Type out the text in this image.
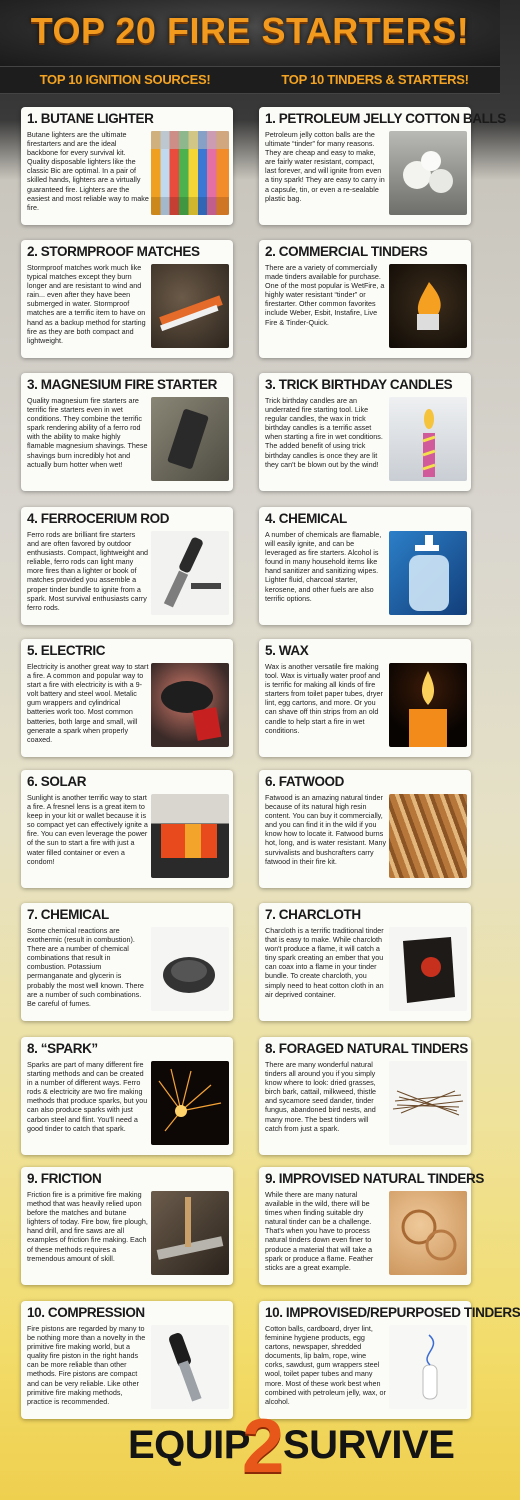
TOP 20 FIRE STARTERS!
TOP 10 IGNITION SOURCES!	TOP 10 TINDERS & STARTERS!
1. BUTANE LIGHTER
Butane lighters are the ultimate firestarters and are the ideal backbone for every survival kit. Quality disposable lighters like the classic Bic are optimal. In a pair of skilled hands, lighters are a virtually guaranteed fire. Lighters are the easiest and most reliable way to make fire.
2. STORMPROOF MATCHES
Stormproof matches work much like typical matches except they burn longer and are resistant to wind and rain... even after they have been submerged in water. Stormproof matches are a terrific item to have on hand as a backup method for starting fire as they are both compact and lightweight.
3. MAGNESIUM FIRE STARTER
Quality magnesium fire starters are terrific fire starters even in wet conditions. They combine the terrific spark rendering ability of a ferro rod with the ability to make highly flamable magnesium shavings. These shavings burn incredibly hot and actually burn hotter when wet!
4. FERROCERIUM ROD
Ferro rods are brilliant fire starters and are often favored by outdoor enthusiasts. Compact, lightweight and reliable, ferro rods can light many more fires than a lighter or book of matches provided you assemble a proper tinder bundle to ignite from a spark. Most survival enthusiasts carry ferro rods.
5. ELECTRIC
Electricity is another great way to start a fire. A common and popular way to start a fire with electricity is with a 9-volt battery and steel wool. Metalic gum wrappers and cylindrical batteries work too. Most common batteries, both large and small, will generate a spark when properly coaxed.
6. SOLAR
Sunlight is another terrific way to start a fire. A fresnel lens is a great item to keep in your kit or wallet because it is so compact yet can effectively ignite a fire. You can even leverage the power of the sun to start a fire with just a water filled container or even a condom!
7. CHEMICAL
Some chemical reactions are exothermic (result in combustion). There are a number of chemical combinations that result in combustion. Potassium permanganate and glycerin is probably the most well known. There are a number of such combinations. Be careful of fumes.
8. “SPARK”
Sparks are part of many different fire starting methods and can be created in a number of different ways. Ferro rods & electricity are two fire making methods that produce sparks, but you can also produce sparks with just carbon steel and flint. You'll need a good tinder to catch that spark.
9. FRICTION
Friction fire is a primitive fire making method that was heavily relied upon before the matches and butane lighters of today. Fire bow, fire plough, hand drill, and fire saws are all examples of friction fire making. Each of these methods requires a tremendous amount of skill.
10. COMPRESSION
Fire pistons are regarded by many to be nothing more than a novelty in the primitive fire making world, but a quality fire piston in the right hands can be more reliable than other methods. Fire pistons are compact and can be very reliable. Like other primitive fire making methods, practice is recommended.
1. PETROLEUM JELLY COTTON BALLS
Petroleum jelly cotton balls are the ultimate “tinder” for many reasons. They are cheap and easy to make, are fairly water resistant, compact, last forever, and will ignite from even a tiny spark! They are easy to carry in a capsule, tin, or even a re-sealable plastic bag.
2. COMMERCIAL TINDERS
There are a variety of commercially made tinders available for purchase. One of the most popular is WetFire, a highly water resistant “tinder” or firestarter. Other common favorites include Weber, Esbit, Instafire, Live Fire & Tinder-Quick.
3. TRICK BIRTHDAY CANDLES
Trick birthday candles are an underrated fire starting tool. Like regular candles, the wax in trick birthday candles is a terrific asset when starting a fire in wet conditions. The added benefit of using trick birthday candles is once they are lit they can't be blown out by the wind!
4. CHEMICAL
A number of chemicals are flamable, will easily ignite, and can be leveraged as fire starters. Alcohol is found in many household items like hand sanitizer and sanitizing wipes. Lighter fluid, charcoal starter, kerosene, and other fuels are also terrific options.
5. WAX
Wax is another versatile fire making tool. Wax is virtually water proof and is terrific for making all kinds of fire starters from toilet paper tubes, dryer lint, egg cartons, and more. Or you can shave off thin strips from an old candle to help start a fire in wet conditions.
6. FATWOOD
Fatwood is an amazing natural tinder because of its natural high resin content. You can buy it commercially, and you can find it in the wild if you know how to locate it. Fatwood burns hot, long, and is water resistant. Many survivalists and bushcrafters carry fatwood in their fire kit.
7. CHARCLOTH
Charcloth is a terrific traditional tinder that is easy to make. While charcloth won't produce a flame, it will catch a tiny spark creating an ember that you can coax into a flame in your tinder bundle. To create charcloth, you simply need to heat cotton cloth in an air deprived container.
8. FORAGED NATURAL TINDERS
There are many wonderful natural tinders all around you if you simply know where to look: dried grasses, birch bark, cattail, milkweed, thistle and sycamore seed dander, tinder fungus, abandoned bird nests, and many more. The best tinders will catch from just a spark.
9. IMPROVISED NATURAL TINDERS
While there are many natural available in the wild, there will be times when finding suitable dry natural tinder can be a challenge. That's when you have to process natural tinders down even finer to produce a material that will take a spark or produce a flame. Feather sticks are a great example.
10. IMPROVISED/REPURPOSED TINDERS
Cotton balls, cardboard, dryer lint, feminine hygiene products, egg cartons, newspaper, shredded documents, lip balm, rope, wine corks, sawdust, gum wrappers steel wool, toilet paper tubes and many more. Most of these work best when combined with petroleum jelly, wax, or alcohol.
EQUIP
2
SURVIVE
